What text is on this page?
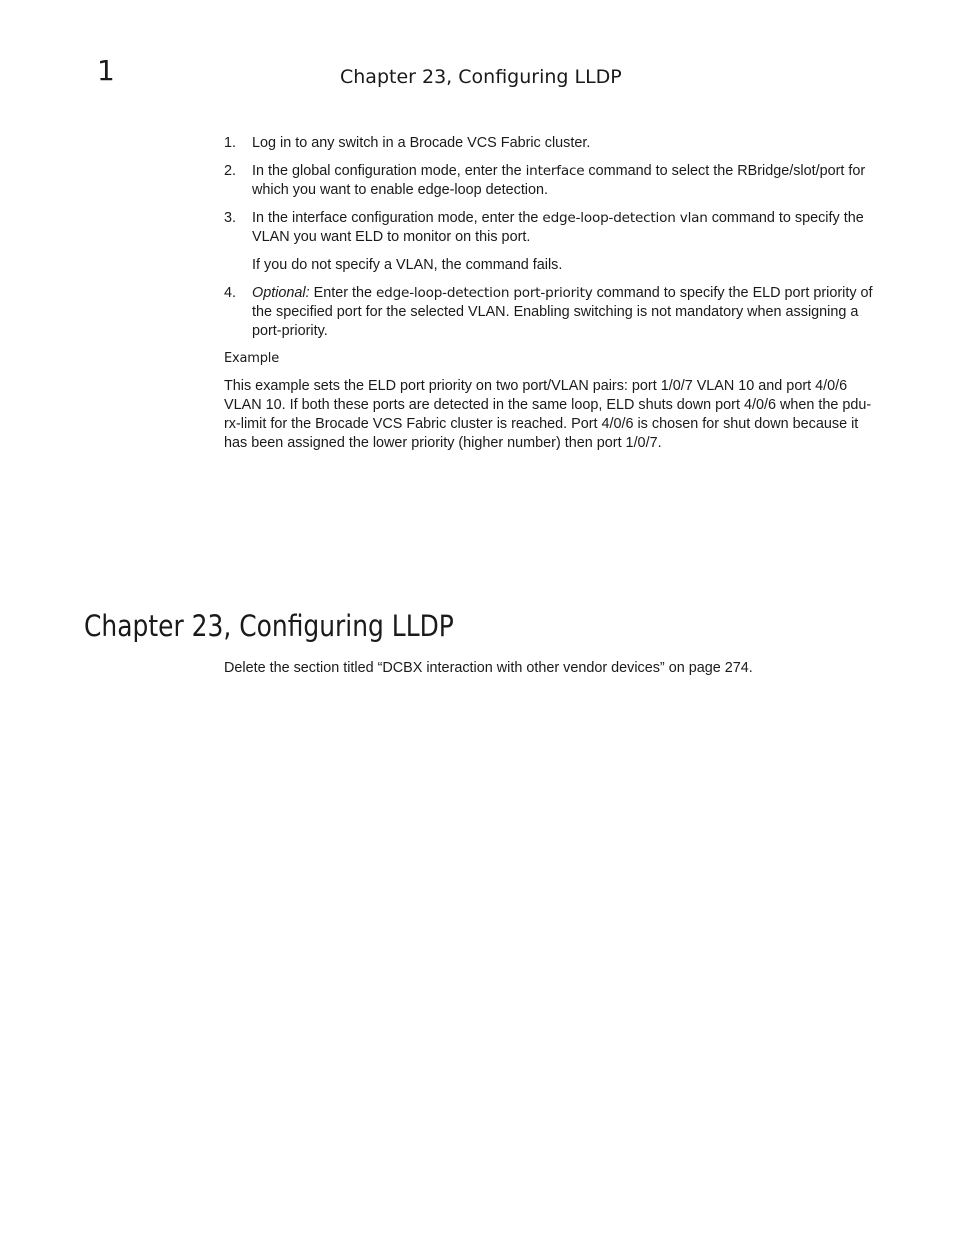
1	Chapter 23, Configuring LLDP
1. Log in to any switch in a Brocade VCS Fabric cluster.
2. In the global configuration mode, enter the interface command to select the RBridge/slot/port for which you want to enable edge-loop detection.
3. In the interface configuration mode, enter the edge-loop-detection vlan command to specify the VLAN you want ELD to monitor on this port.
If you do not specify a VLAN, the command fails.
4. Optional: Enter the edge-loop-detection port-priority command to specify the ELD port priority of the specified port for the selected VLAN. Enabling switching is not mandatory when assigning a port-priority.
Example

This example sets the ELD port priority on two port/VLAN pairs: port 1/0/7 VLAN 10 and port 4/0/6 VLAN 10. If both these ports are detected in the same loop, ELD shuts down port 4/0/6 when the pdu-rx-limit for the Brocade VCS Fabric cluster is reached. Port 4/0/6 is chosen for shut down because it has been assigned the lower priority (higher number) then port 1/0/7.

Chapter 23, Configuring LLDP

Delete the section titled “DCBX interaction with other vendor devices” on page 274.
